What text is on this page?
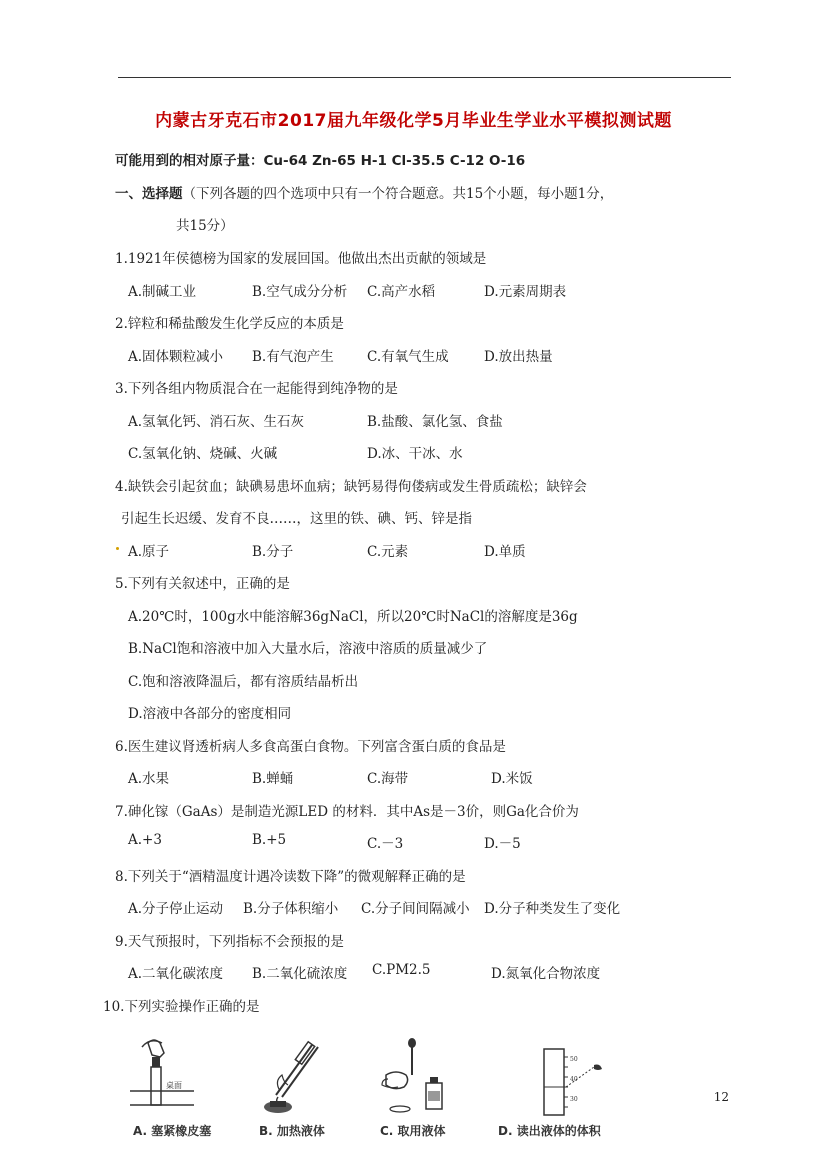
内蒙古牙克石市2017届九年级化学5月毕业生学业水平模拟测试题
可能用到的相对原子量：Cu-64 Zn-65 H-1 Cl-35.5 C-12 O-16
一、选择题（下列各题的四个选项中只有一个符合题意。共15个小题，每小题1分，
共15分）
1.1921年侯德榜为国家的发展回国。他做出杰出贡献的领域是
A.制碱工业	B.空气成分分析 C.高产水稻	D.元素周期表
2.锌粒和稀盐酸发生化学反应的本质是
A.固体颗粒减小 B.有气泡产生 C.有氧气生成	D.放出热量
3.下列各组内物质混合在一起能得到纯净物的是
A.氢氧化钙、消石灰、生石灰	B.盐酸、氯化氢、食盐
C.氢氧化钠、烧碱、火碱	D.冰、干冰、水
4.缺铁会引起贫血；缺碘易患坏血病；缺钙易得佝偻病或发生骨质疏松；缺锌会
引起生长迟缓、发育不良……，这里的铁、碘、钙、锌是指
A.原子	B.分子	C.元素	D.单质
5.下列有关叙述中，正确的是
A.20℃时，100g水中能溶解36gNaCl，所以20℃时NaCl的溶解度是36g
B.NaCl饱和溶液中加入大量水后，溶液中溶质的质量减少了
C.饱和溶液降温后，都有溶质结晶析出
D.溶液中各部分的密度相同
6.医生建议肾透析病人多食高蛋白食物。下列富含蛋白质的食品是
A.水果	B.蝉蛹	C.海带	D.米饭
7.砷化镓（GaAs）是制造光源LED 的材料．其中As是－3价，则Ga化合价为
A.+3	B.+5	C.－3	D.－5
8.下列关于“酒精温度计遇冷读数下降”的微观解释正确的是
A.分子停止运动 B.分子体积缩小 C.分子间间隔减小 D.分子种类发生了变化
9.天气预报时，下列指标不会预报的是
A.二氧化碳浓度 B.二氧化硫浓度 C.PM2.5	D.氮氧化合物浓度
10.下列实验操作正确的是
桌面
A. 塞紧橡皮塞	B. 加热液体	C. 取用液体
50
40
30
D. 读出液体的体积
12
